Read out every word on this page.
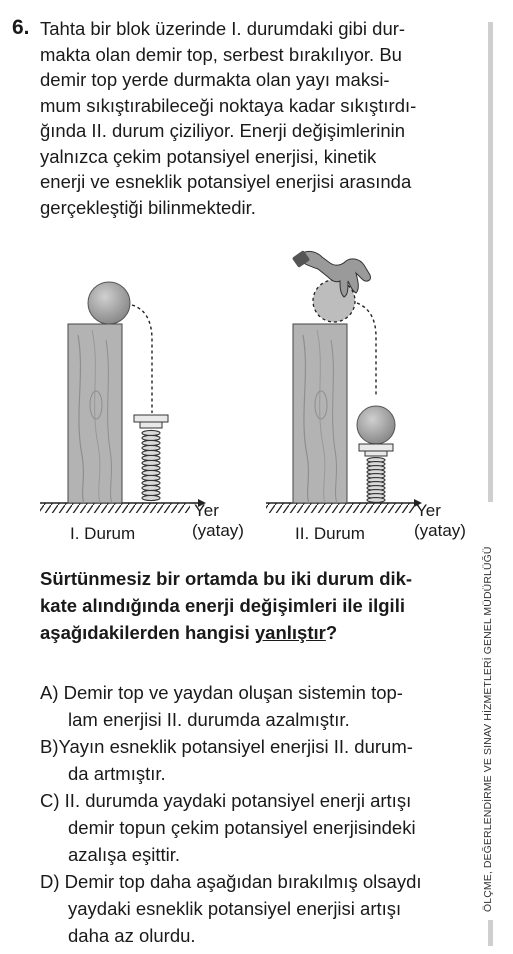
6. Tahta bir blok üzerinde I. durumdaki gibi dur-
makta olan demir top, serbest bırakılıyor. Bu
demir top yerde durmakta olan yayı maksi-
mum sıkıştırabileceği noktaya kadar sıkıştırdı-
ğında II. durum çiziliyor. Enerji değişimlerinin
yalnızca çekim potansiyel enerjisi, kinetik
enerji ve esneklik potansiyel enerjisi arasında
gerçekleştiği bilinmektedir.
I. Durum
Yer
(yatay)	II. Durum
Yer
(yatay)
Sürtünmesiz bir ortamda bu iki durum dik-
kate alındığında enerji değişimleri ile ilgili
aşağıdakilerden hangisi yanlıştır?
A) Demir top ve yaydan oluşan sistemin top-
lam enerjisi II. durumda azalmıştır.
B)Yayın esneklik potansiyel enerjisi II. durum-
da artmıştır.
C) II. durumda yaydaki potansiyel enerji artışı
demir topun çekim potansiyel enerjisindeki
azalışa eşittir.
D) Demir top daha aşağıdan bırakılmış olsaydı
yaydaki esneklik potansiyel enerjisi artışı
daha az olurdu.
ÖLÇME, DEĞERLENDİRME VE SINAV HİZMETLERİ GENEL MÜDÜRLÜĞÜ
